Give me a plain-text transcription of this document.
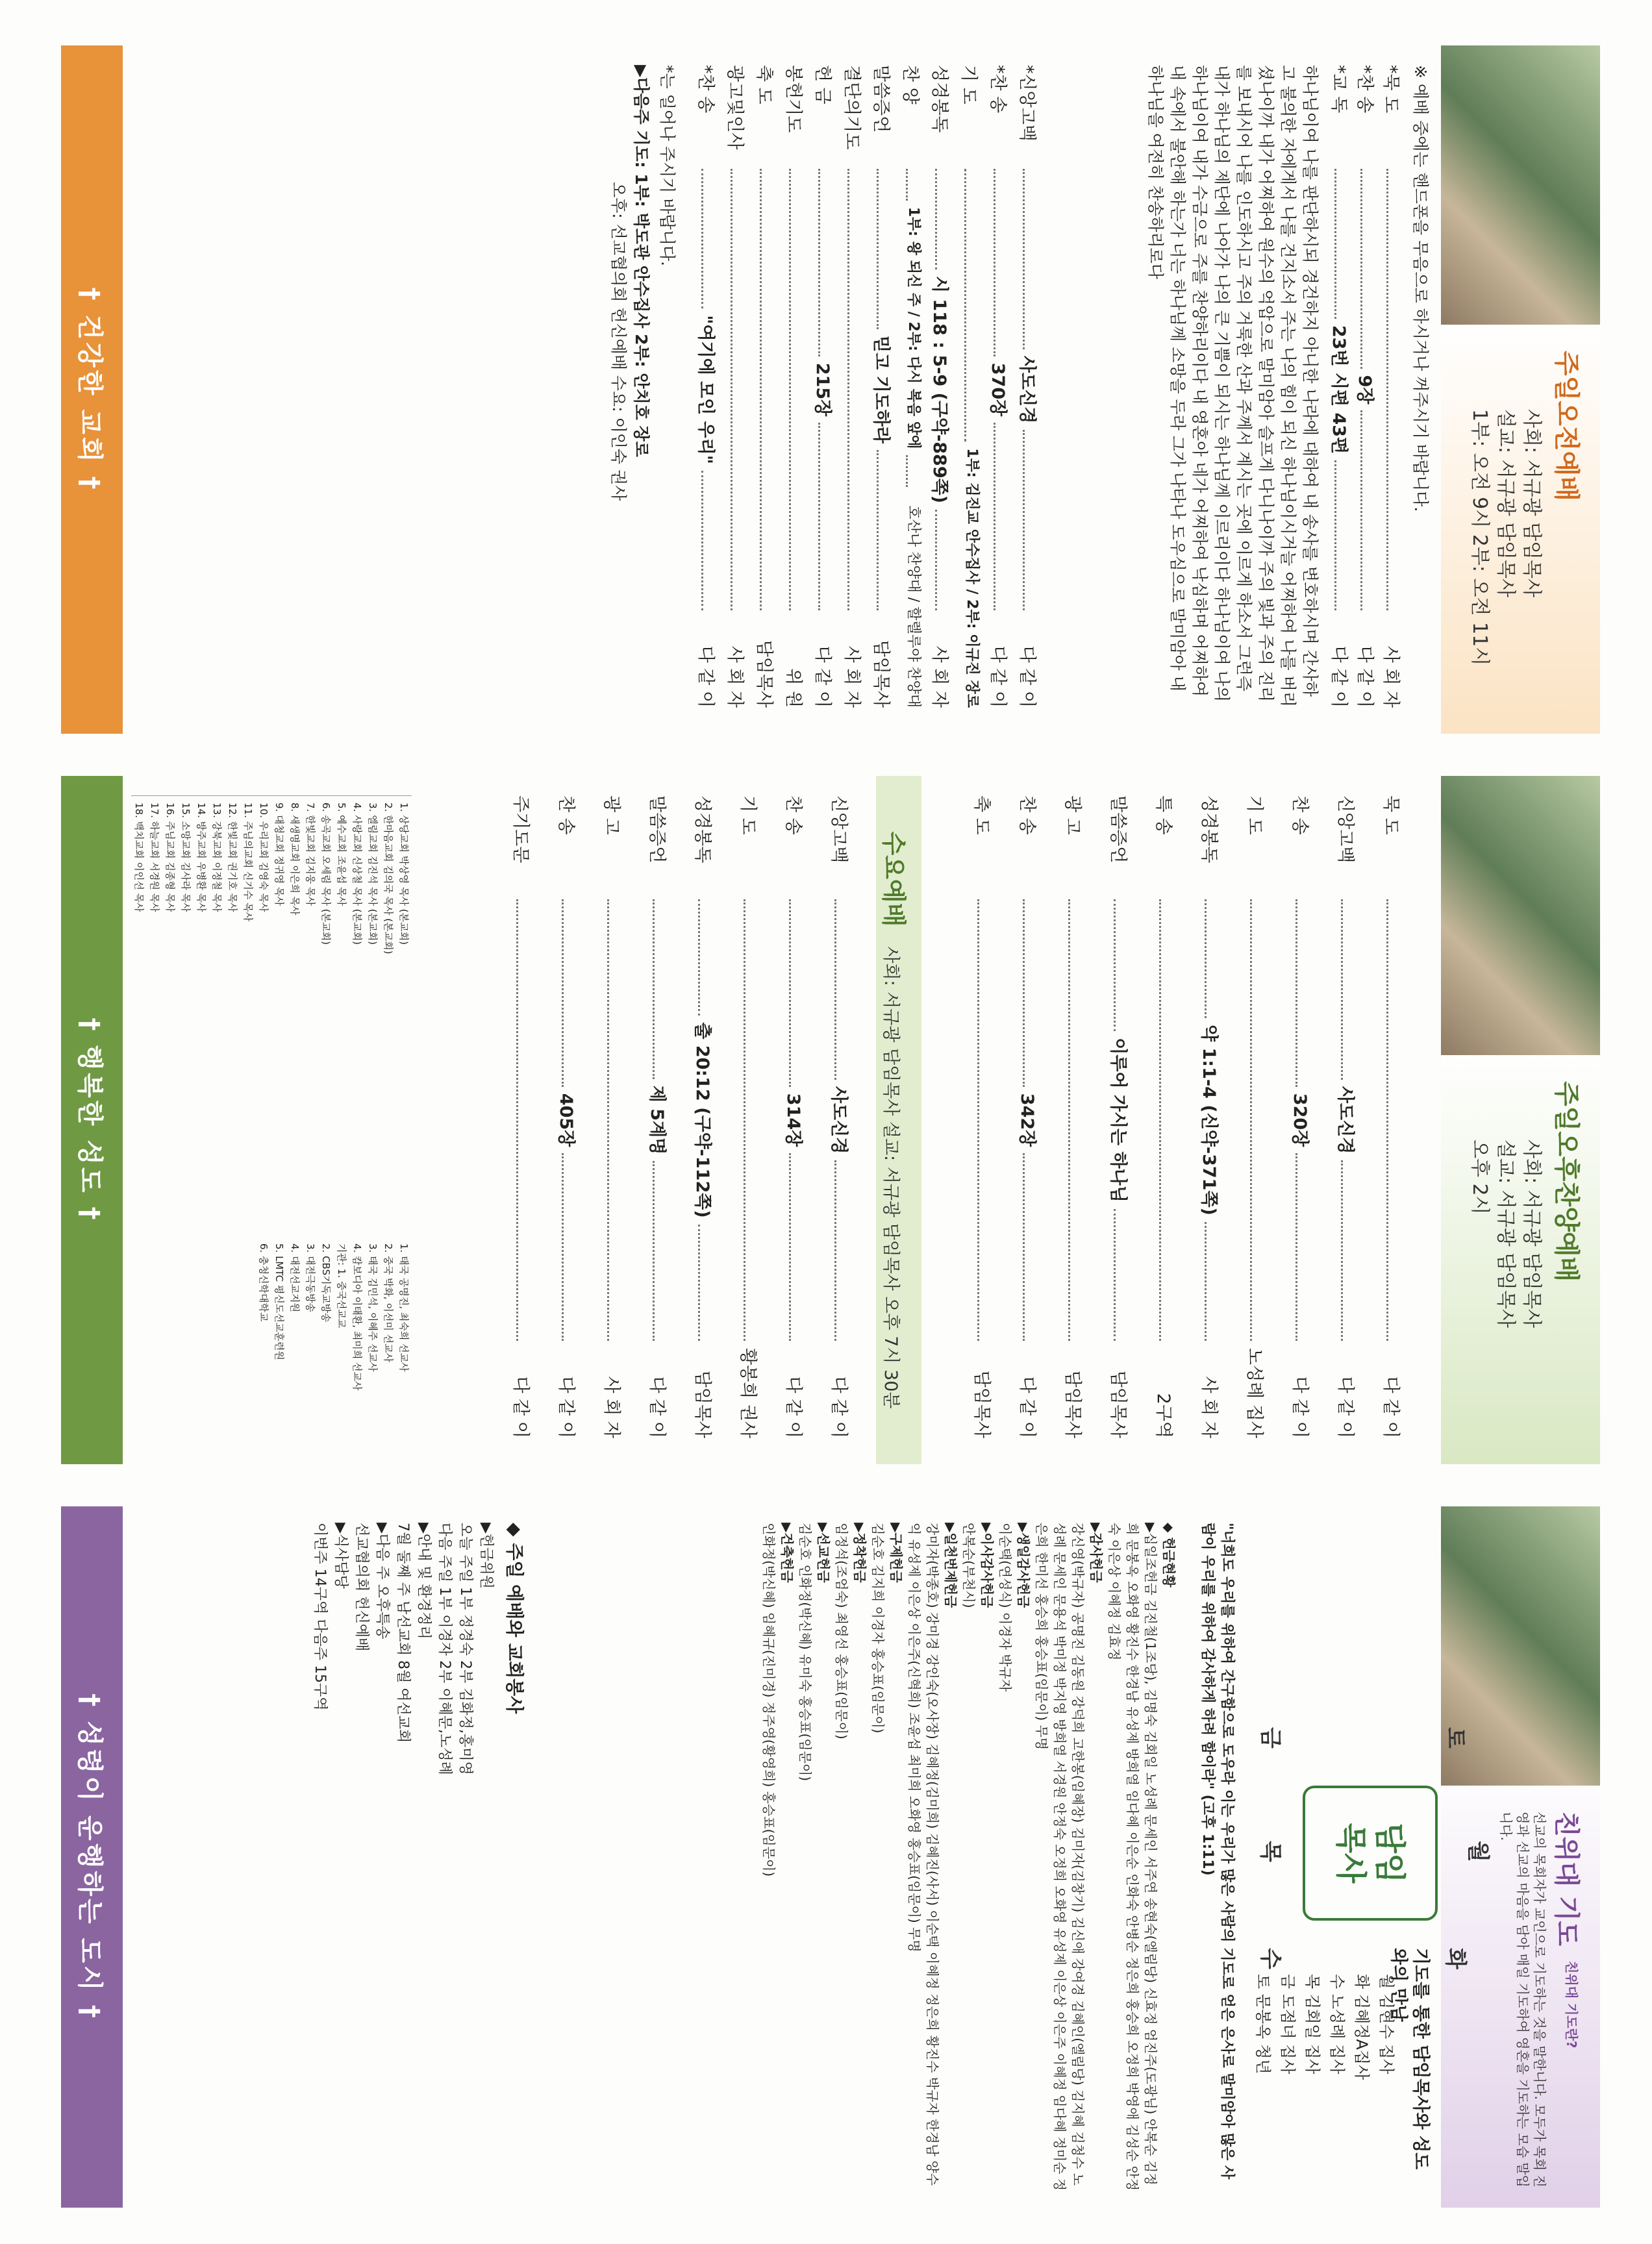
주일오전예배
사회: 서규광 담임목사
설교: 서규광 담임목사
1부: 오전 9시 2부: 오전 11시
※ 예배 중에는 핸드폰을 무음으로 하시거나 꺼주시기 바랍니다.
*묵 도
사 회 자
*찬 송
9장
다 같 이
*교 독
23번 시편 43편
다 같 이
하나님이여 나를 판단하시되 경건하지 아니한 나라에 대하여 내 송사를 변호하시며 간사하고 불의한 자에게서 나를 건지소서 주는 나의 힘이 되신 하나님이시거늘 어찌하여 나를 버리셨나이까 내가 어찌하여 원수의 억압으로 말미암아 슬프게 다니나이까 주의 빛과 주의 진리를 보내시어 나를 인도하시고 주의 거룩한 산과 주께서 계시는 곳에 이르게 하소서 그런즉 내가 하나님의 제단에 나아가 나의 큰 기쁨이 되시는 하나님께 이르리이다 하나님이여 나의 하나님이여 내가 수금으로 주를 찬양하리이다 내 영혼아 네가 어찌하여 낙심하며 어찌하여 내 속에서 불안해 하는가 너는 하나님께 소망을 두라 그가 나타나 도우심으로 말미암아 내 하나님을 여전히 찬송하리로다
*신앙고백
사도신경
다 같 이
*찬 송
370장
다 같 이
기 도
1부: 김진교 안수집사 / 2부: 이규진 장로
성경봉독
시 118 : 5-9 (구약-889쪽)
사 회 자
찬 양
1부: 왕 되신 주 / 2부: 다시 복음 앞에
호산나 찬양대 / 할렐루야 찬양대
말씀증언
믿고 기도하라
담임목사
결단의기도
사 회 자
헌 금
215장
다 같 이
봉헌기도
위 원
축 도
담임목사
광고및인사
사 회 자
*찬 송
"여기에 모인 우리"
다 같 이
*는 일어나 주시기 바랍니다.
▶다음주 기도: 1부: 박도관 안수집사 2부: 안치호 장로
오후: 선교협의회 헌신예배 수요: 이인숙 권사
† 건강한 교회 †
주일오후찬양예배
사회: 서규광 담임목사
설교: 서규광 담임목사
오후 2시
묵 도
다 같 이
신앙고백
사도신경
다 같 이
찬 송
320장
다 같 이
기 도
노성례 집사
성경봉독
약 1:1-4 (신약-371쪽)
사 회 자
특 송
2구역
말씀증언
이루어 가시는 하나님
담임목사
광 고
담임목사
찬 송
342장
다 같 이
축 도
담임목사
수요예배사회: 서규광 담임목사 설교: 서규광 담임목사 오후 7시 30분
신앙고백
사도신경
다 같 이
찬 송
314장
다 같 이
기 도
황봉희 권사
성경봉독
출 20:12 (구약-112쪽)
담임목사
말씀증언
제 5계명
다 같 이
광 고
사 회 자
찬 송
405장
다 같 이
주기도문
다 같 이
1. 상당교회 박상영 목사 (본교회)
2. 한마음교회 김의국 목사 (본교회)
3. 엘림교회 김진석 목사 (본교회)
4. 사랑교회 신상철 목사 (본교회)
5. 예수교회 조윤섭 목사
6. 송곡교회 오세림 목사 (본교회)
7. 한빛교회 김지웅 목사
8. 새생명교회 이은희 목사
9. 대청교회 정귀영 목사
10. 우리교회 김영숙 목사
11. 주님의교회 신기수 목사
12. 한빛교회 권기호 목사
13. 강북교회 이정철 목사
14. 방주교회 우병환 목사
15. 소망교회 김사라 목사
16. 주님교회 김종형 목사
17. 하늘교회 서경원 목사
18. 백치교회 이인선 목사
1. 태국 공명진, 최숙희 선교사
2. 중국 박화, 이선미 선교사
3. 태국 김민석, 이혜주 선교사
4. 캄보디아 이태환, 최미희 선교사
기관: 1. 중국선교교
2. CBS기독교방송
3. 대전극동방송
4. 대전선교지원
5. LMTC 평신도선교훈련원
6. 충청신학대학교
† 행복한 성도 †
친위대 기도
친위대 기도란?
선교의 목회자가 교인으로 기도하는 것을 말한니다. 모두가 목회 진영과 선교의 마음을 담아 매일 기도하여 영혼을 기도하는 모습 말입니다.
기도를 통한 담임목사와 성도와의 만남
담임
목사
토
월
화
금
목
수
월 김현수 집사
화 김혜정A집사
수 노성례 집사
목 김회일 집사
금 도점녀 집사
토 문봉옥 청년
"너희도 우리를 위하여 간구함으로 도우라 이는 우리가 많은 사람의 기도로 얻은 은사로 말미암아 많은 사람이 우리를 위하여 감사하게 하려 함이라" (고후 1:11)
◆ 헌금현황
▶십일조헌금 김진철(1조당), 김명숙 김회일 노성례 문세인 서주연 송현숙(엘림당) 신효정 엄진주(도광님) 안복순 김정희 문봉옥 오화영 황진수 한경남 유성제 방희열 임다혜 이은순 인화숙 안병순 정은희 홍승희 오정희 박영애 김성순 안정숙 이은상 이혜정 김효정
▶감사헌금
강신영(박규자) 공명진 김동원 강덕희 고한봉(임혜장) 김미자(김창기) 김신애 강여경 김혜인(엘림당) 김지혜 김청수 노성례 문세인 문용석 박미정 박지영 방희열 서경원 안정숙 오정희 오화영 유성제 이은상 이은주 이혜정 임다혜 정미순 정은희 한미선 홍승희 홍승표(임문이) 무명
▶생일감사헌금
이순택(연성식) 이경자 박규자
▶이사감사헌금
안복순(부천시)
▶일천번제헌금
강미자(박종호) 강미경 강인숙(오사장) 김혜정(김미희) 김혜진(사서) 이순택 이혜정 정은희 황진수 박규자 한경남 양수익 유성제 이은상 이은주(신혁희) 조윤섭 최미희 오화영 홍승표(임문이) 무명
▶구제헌금
김순호 김지희 이경자 홍승표(임문이)
▶정착헌금
임정석(조엄숙) 최영선 홍승표(임문이)
▶선교헌금
김순호 인화정(박신혜) 유미숙 홍승표(임문이)
▶건축헌금
인화정(박신혜) 임혜규(진미경) 정주영(황영희) 홍승표(임문이)
◆ 주일 예배와 교회봉사
▶헌금위원
오늘 주일 1부 정경숙 2부 김화정,홍미영
다음 주일 1부 이경자 2부 이혜문,노성례
▶안내 및 환경정리
7월 둘째 주 남선교회 8월 여선교회
▶다음 주 오후특송
선교협의회 헌신예배
▶식사담당
이번주 14구역 다음주 15구역
† 성령이 운행하는 도시 †
